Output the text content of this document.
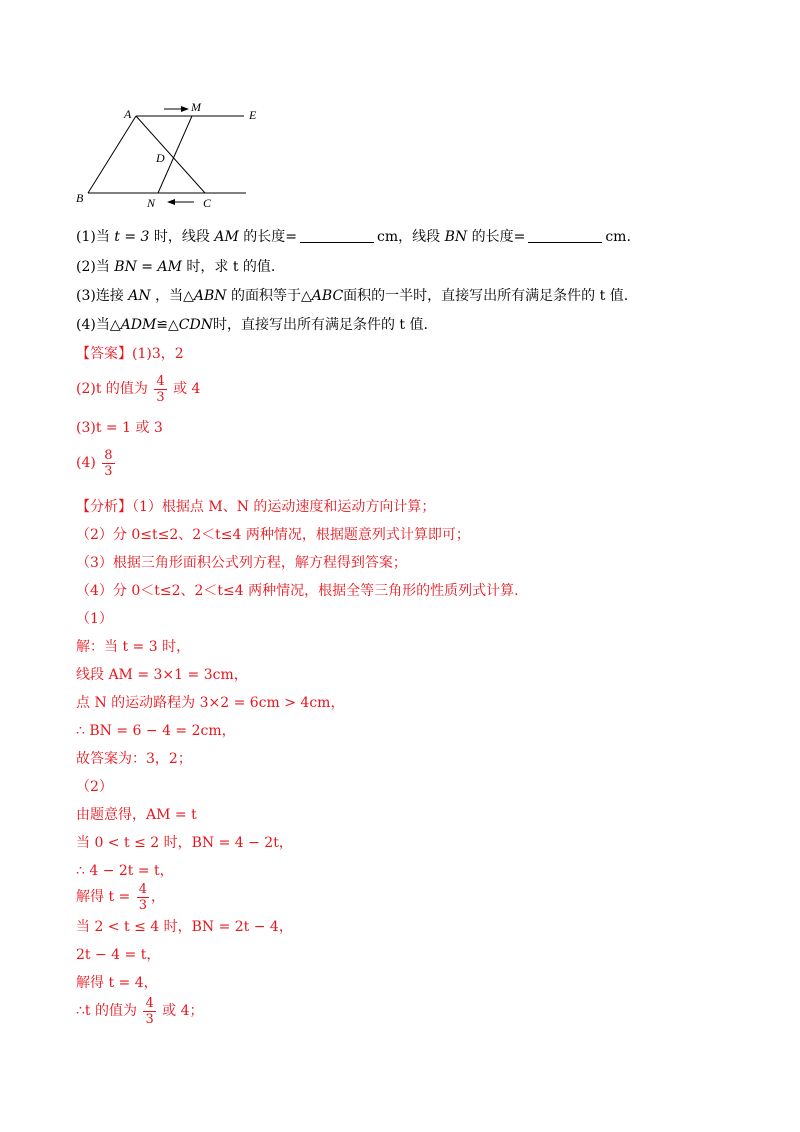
A	M
E
D
B	N	C
(1)当 t = 3 时，线段 AM 的长度=	cm，线段 BN 的长度=	cm.
(2)当 BN = AM 时，求 t 的值.
(3)连接 AN ，当△ABN 的面积等于△ABC面积的一半时，直接写出所有满足条件的 t 值.
(4)当△ADM≌△CDN时，直接写出所有满足条件的 t 值.
【答案】(1)3，2
(2)t 的值为 $\frac{4}{3}$ 或 4
(3)t = 1 或 3
$(4) \frac{8}{3}$
【分析】（1）根据点 M、N 的运动速度和运动方向计算；
（2）分 0≤t≤2、2＜t≤4 两种情况，根据题意列式计算即可；
（3）根据三角形面积公式列方程，解方程得到答案；
（4）分 0＜t≤2、2＜t≤4 两种情况，根据全等三角形的性质列式计算.
（1）
解：当 t = 3 时，
线段 AM = 3×1 = 3cm，
点 N 的运动路程为 3×2 = 6cm > 4cm，
∴ BN = 6 − 4 = 2cm，
故答案为：3，2；
（2）
由题意得，AM = t
当 0 < t ≤ 2 时，BN = 4 − 2t，
∴ 4 − 2t = t，
解得 $t = \frac{4}{3}$ ，
当 2 < t ≤ 4 时，BN = 2t − 4，
2t − 4 = t，
解得 t = 4，
∴t 的值为 $\frac{4}{3}$ 或 4；
